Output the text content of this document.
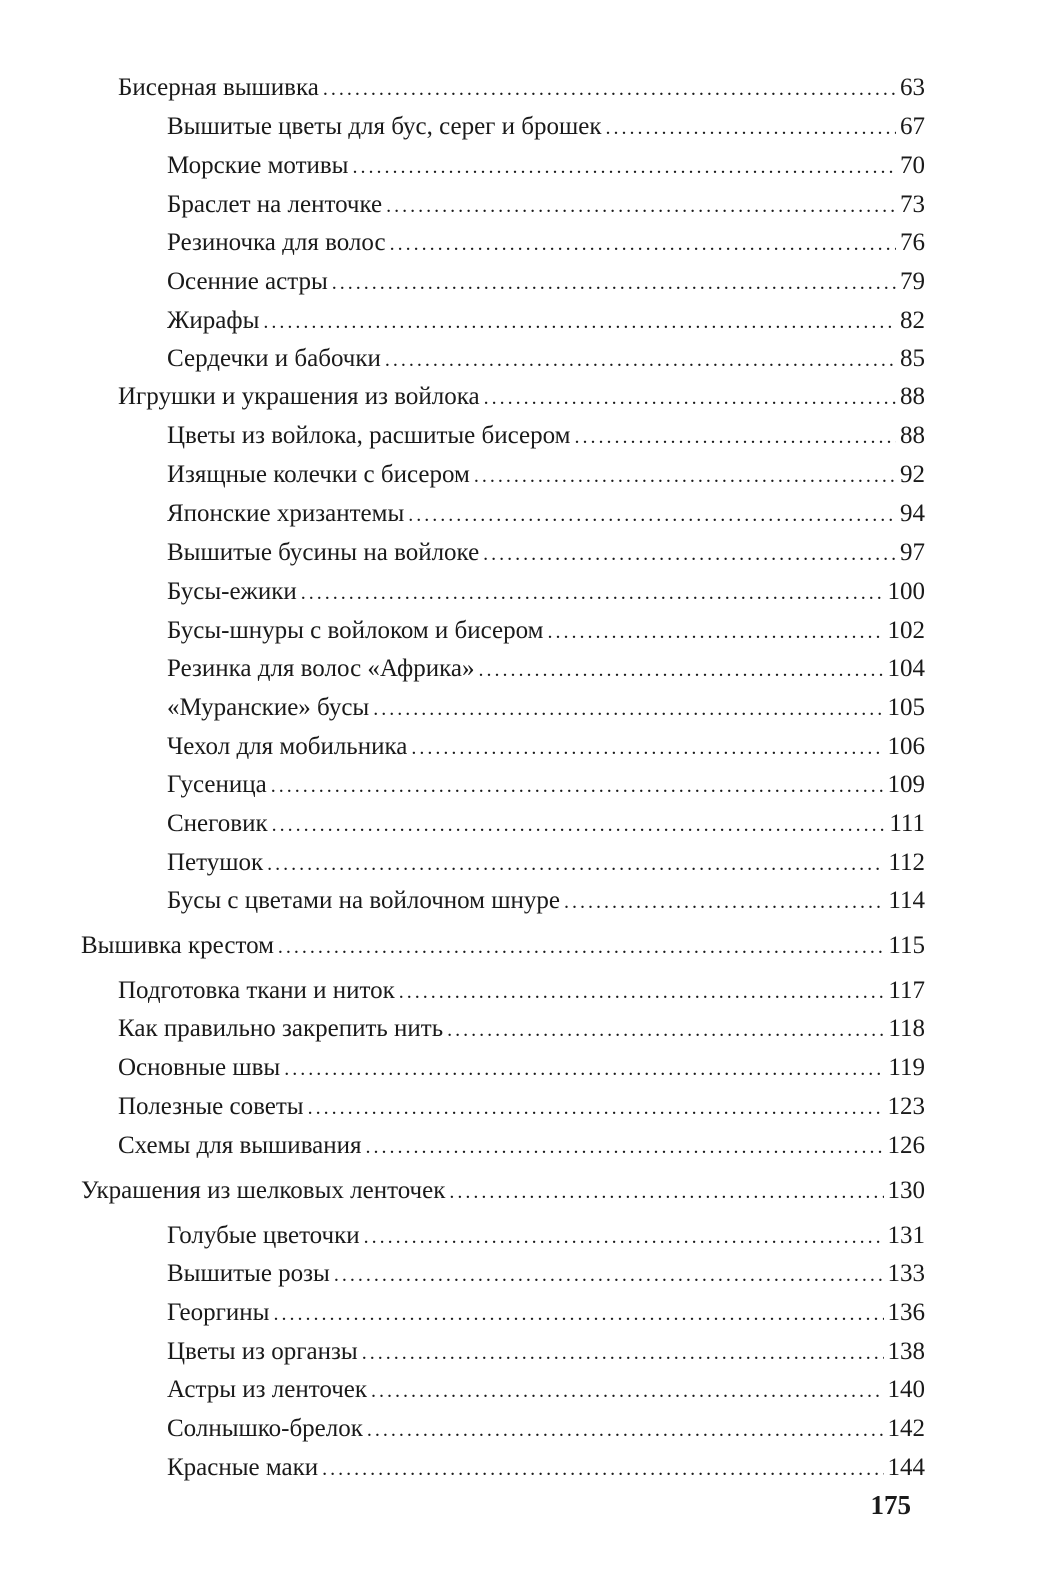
Бисерная вышивка . . .	63
Вышитые цветы для бус, серег и брошек . . .	67
Морские мотивы . . .	70
Браслет на ленточке . . .	73
Резиночка для волос . . .	76
Осенние астры . . .	79
Жирафы . . .	82
Сердечки и бабочки . . .	85
Игрушки и украшения из войлока . . .	88
Цветы из войлока, расшитые бисером . . .	88
Изящные колечки с бисером . . .	92
Японские хризантемы . . .	94
Вышитые бусины на войлоке . . .	97
Бусы-ежики . . .	100
Бусы-шнуры с войлоком и бисером . . .	102
Резинка для волос «Африка» . . .	104
«Муранские» бусы . . .	105
Чехол для мобильника . . .	106
Гусеница . . .	109
Снеговик . . .	111
Петушок . . .	112
Бусы с цветами на войлочном шнуре . . .	114
Вышивка крестом . . .	115
Подготовка ткани и ниток . . .	117
Как правильно закрепить нить . . .	118
Основные швы . . .	119
Полезные советы . . .	123
Схемы для вышивания . . .	126
Украшения из шелковых ленточек . . .	130
Голубые цветочки . . .	131
Вышитые розы . . .	133
Георгины . . .	136
Цветы из органзы . . .	138
Астры из ленточек . . .	140
Солнышко-брелок . . .	142
Красные маки . . .	144
175
